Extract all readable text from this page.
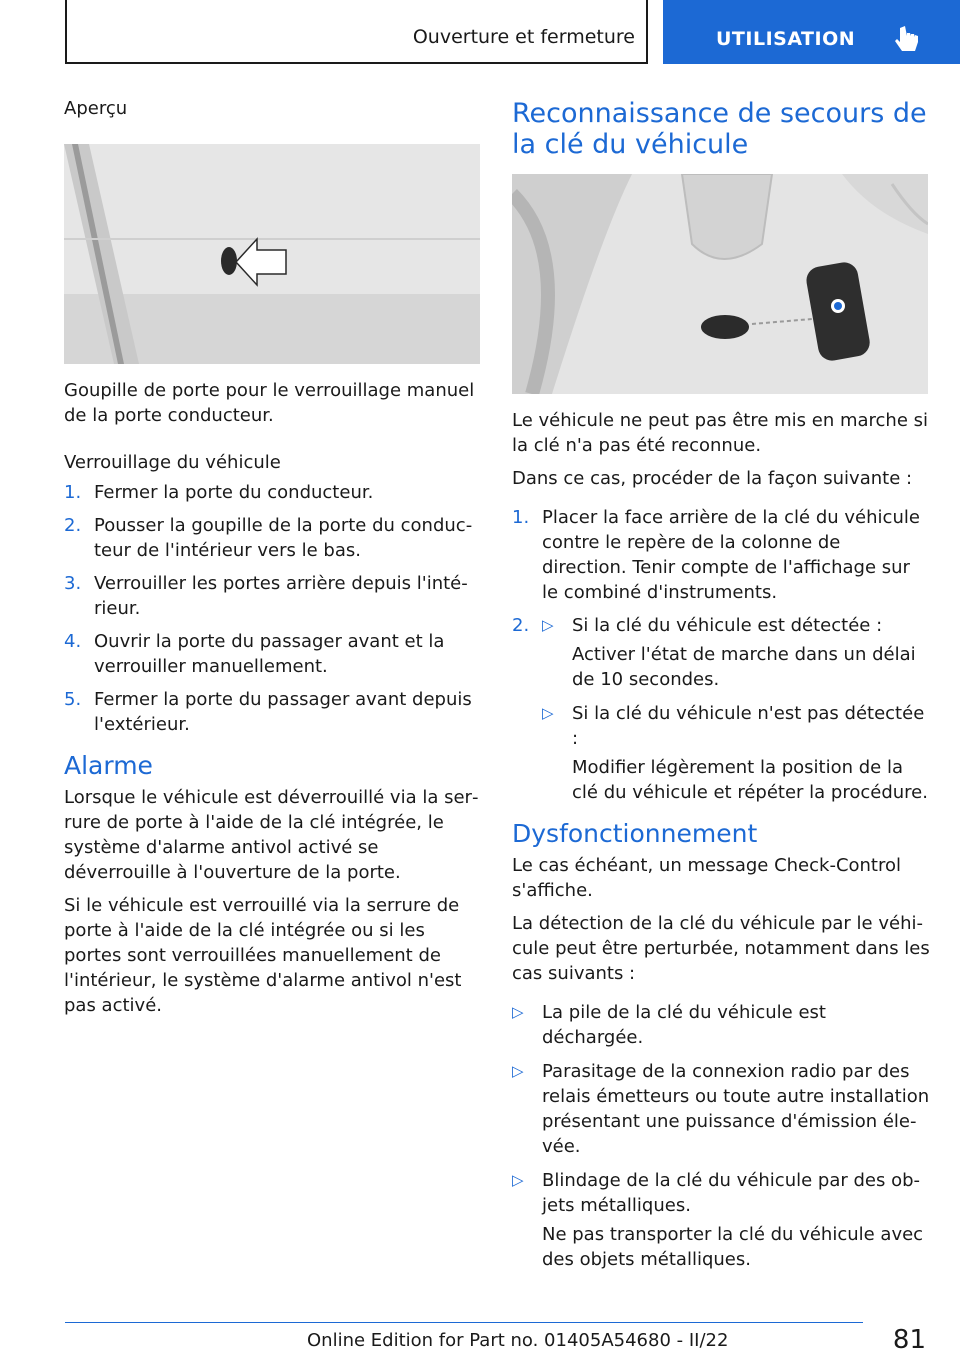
Ouverture et fermeture	UTILISATION

Aperçu

Goupille de porte pour le verrouillage manuel de la porte conducteur.

Verrouillage du véhicule

1. Fermer la porte du conducteur.
2. Pousser la goupille de la porte du conducteur de l'intérieur vers le bas.
3. Verrouiller les portes arrière depuis l'intérieur.
4. Ouvrir la porte du passager avant et la verrouiller manuellement.
5. Fermer la porte du passager avant depuis l'extérieur.
Alarme

Lorsque le véhicule est déverrouillé via la serrure de porte à l'aide de la clé intégrée, le système d'alarme antivol activé se déverrouille à l'ouverture de la porte.

Si le véhicule est verrouillé via la serrure de porte à l'aide de la clé intégrée ou si les portes sont verrouillées manuellement de l'intérieur, le système d'alarme antivol n'est pas activé.

Reconnaissance de secours de la clé du véhicule

Le véhicule ne peut pas être mis en marche si la clé n'a pas été reconnue.

Dans ce cas, procéder de la façon suivante :

1. Placer la face arrière de la clé du véhicule contre le repère de la colonne de direction. Tenir compte de l'affichage sur le combiné d'instruments.
2. ▷ Si la clé du véhicule est détectée :

Activer l'état de marche dans un délai de 10 secondes.

▷ Si la clé du véhicule n'est pas détectée :

Modifier légèrement la position de la clé du véhicule et répéter la procédure.

Dysfonctionnement

Le cas échéant, un message Check-Control s'affiche.

La détection de la clé du véhicule par le véhicule peut être perturbée, notamment dans les cas suivants :

▷ La pile de la clé du véhicule est déchargée.
▷ Parasitage de la connexion radio par des relais émetteurs ou toute autre installation présentant une puissance d'émission élevée.
▷ Blindage de la clé du véhicule par des objets métalliques.

Ne pas transporter la clé du véhicule avec des objets métalliques.

81
Online Edition for Part no. 01405A54680 - II/22
